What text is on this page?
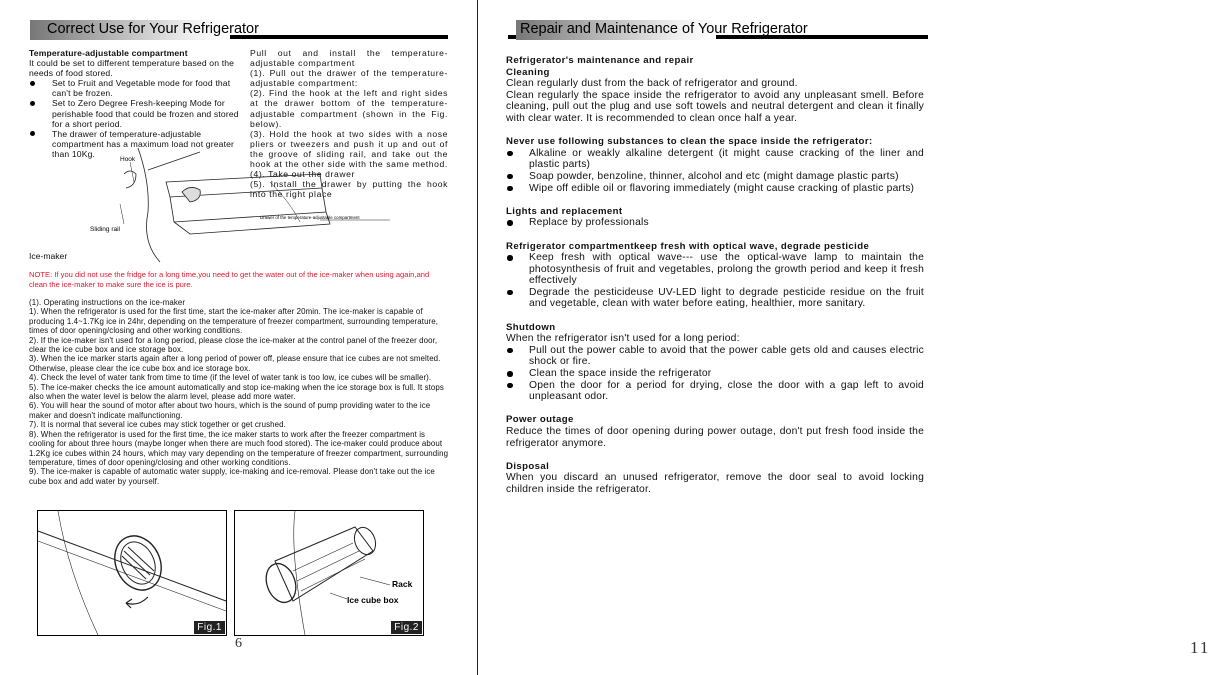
Correct Use for Your Refrigerator
Temperature-adjustable compartment
It could be set to different temperature based on the needs of food stored.
Set to Fruit and Vegetable mode for food that can't be frozen.
Set to Zero Degree Fresh-keeping Mode for perishable food that could be frozen and stored for a short period.
The drawer of temperature-adjustable compartment has a maximum load not greater than 10Kg.
Pull out and install the temperature-adjustable compartment
(1). Pull out the drawer of the temperature-adjustable compartment:
(2). Find the hook at the left and right sides at the drawer bottom of the temperature-adjustable compartment (shown in the Fig. below).
(3). Hold the hook at two sides with a nose pliers or tweezers and push it up and out of the groove of sliding rail, and take out the hook at the other side with the same method.
(4). Take out the drawer
(5). Install the drawer by putting the hook into the right place
Hook
Sliding rail
Drawer of the temperature-adjustable compartment
Ice-maker
NOTE: If you did not use the fridge for a long time,you need to get the water out of the ice-maker when using again,and clean the ice-maker to make sure the ice is pure.
(1). Operating instructions on the ice-maker
1). When the refrigerator is used for the first time, start the ice-maker after 20min. The ice-maker is capable of producing 1.4~1.7Kg ice in 24hr, depending on the temperature of freezer compartment, surrounding temperature, times of door opening/closing and other working conditions.
2). If the ice-maker isn't used for a long period, please close the ice-maker at the control panel of the freezer door, clear the ice cube box and ice storage box.
3). When the ice marker starts again after a long period of power off, please ensure that ice cubes are not smelted. Otherwise, please clear the ice cube box and ice storage box.
4). Check the level of water tank from time to time (if the level of water tank is too low, ice cubes will be smaller).
5). The ice-maker checks the ice amount automatically and stop ice-making when the ice storage box is full. It stops also when the water level is below the alarm level, please add more water.
6). You will hear the sound of motor after about two hours, which is the sound of pump providing water to the ice maker and doesn't indicate malfunctioning.
7). It is normal that several ice cubes may stick together or get crushed.
8). When the refrigerator is used for the first time, the ice maker starts to work after the freezer compartment is cooling for about three hours (maybe longer when there are much food stored). The ice-maker could produce about 1.2Kg ice cubes within 24 hours, which may vary depending on the temperature of freezer compartment, surrounding temperature, times of door opening/closing and other working conditions.
9). The ice-maker is capable of automatic water supply, ice-making and ice-removal. Please don't take out the ice cube box and add water by yourself.
Fig.1
Rack
Ice cube box
Fig.2
6
Repair and Maintenance of Your Refrigerator
Refrigerator's maintenance and repair
Cleaning
Clean regularly dust from the back of refrigerator and ground.
Clean regularly the space inside the refrigerator to avoid any unpleasant smell. Before cleaning, pull out the plug and use soft towels and neutral detergent and clean it finally with clear water. It is recommended to clean once half a year.
Never use following substances to clean the space inside the refrigerator:
Alkaline or weakly alkaline detergent (it might cause cracking of the liner and plastic parts)
Soap powder, benzoline, thinner, alcohol and etc (might damage plastic parts)
Wipe off edible oil or flavoring immediately (might cause cracking of plastic parts)
Lights and replacement
Replace by professionals
Refrigerator compartmentkeep fresh with optical wave, degrade pesticide
Keep fresh with optical wave--- use the optical-wave lamp to maintain the photosynthesis of fruit and vegetables, prolong the growth period and keep it fresh effectively
Degrade the pesticideuse UV-LED light to degrade pesticide residue on the fruit and vegetable, clean with water before eating, healthier, more sanitary.
Shutdown
When the refrigerator isn't used for a long period:
Pull out the power cable to avoid that the power cable gets old and causes electric shock or fire.
Clean the space inside the refrigerator
Open the door for a period for drying, close the door with a gap left to avoid unpleasant odor.
Power outage
Reduce the times of door opening during power outage, don't put fresh food inside the refrigerator anymore.
Disposal
When you discard an unused refrigerator, remove the door seal to avoid locking children inside the refrigerator.
11
